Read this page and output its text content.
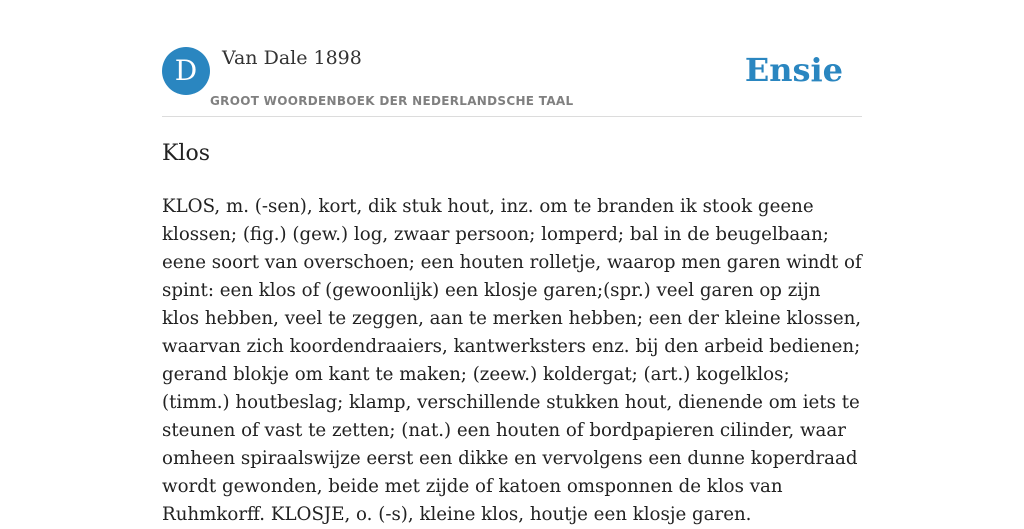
D	Van Dale 1898
GROOT WOORDENBOEK DER NEDERLANDSCHE TAAL
Ensie
Klos

KLOS, m. (-sen), kort, dik stuk hout, inz. om te branden ik stook geene klossen; (fig.) (gew.) log, zwaar persoon; lomperd; bal in de beugelbaan; eene soort van overschoen; een houten rolletje, waarop men garen windt of spint: een klos of (gewoonlijk) een klosje garen;(spr.) veel garen op zijn klos hebben, veel te zeggen, aan te merken hebben; een der kleine klossen, waarvan zich koordendraaiers, kantwerksters enz. bij den arbeid bedienen; gerand blokje om kant te maken; (zeew.) koldergat; (art.) kogelklos; (timm.) houtbeslag; klamp, verschillende stukken hout, dienende om iets te steunen of vast te zetten; (nat.) een houten of bordpapieren cilinder, waar omheen spiraalswijze eerst een dikke en vervolgens een dunne koperdraad wordt gewonden, beide met zijde of katoen omsponnen de klos van Ruhmkorff. KLOSJE, o. (-s), kleine klos, houtje een klosje garen.
